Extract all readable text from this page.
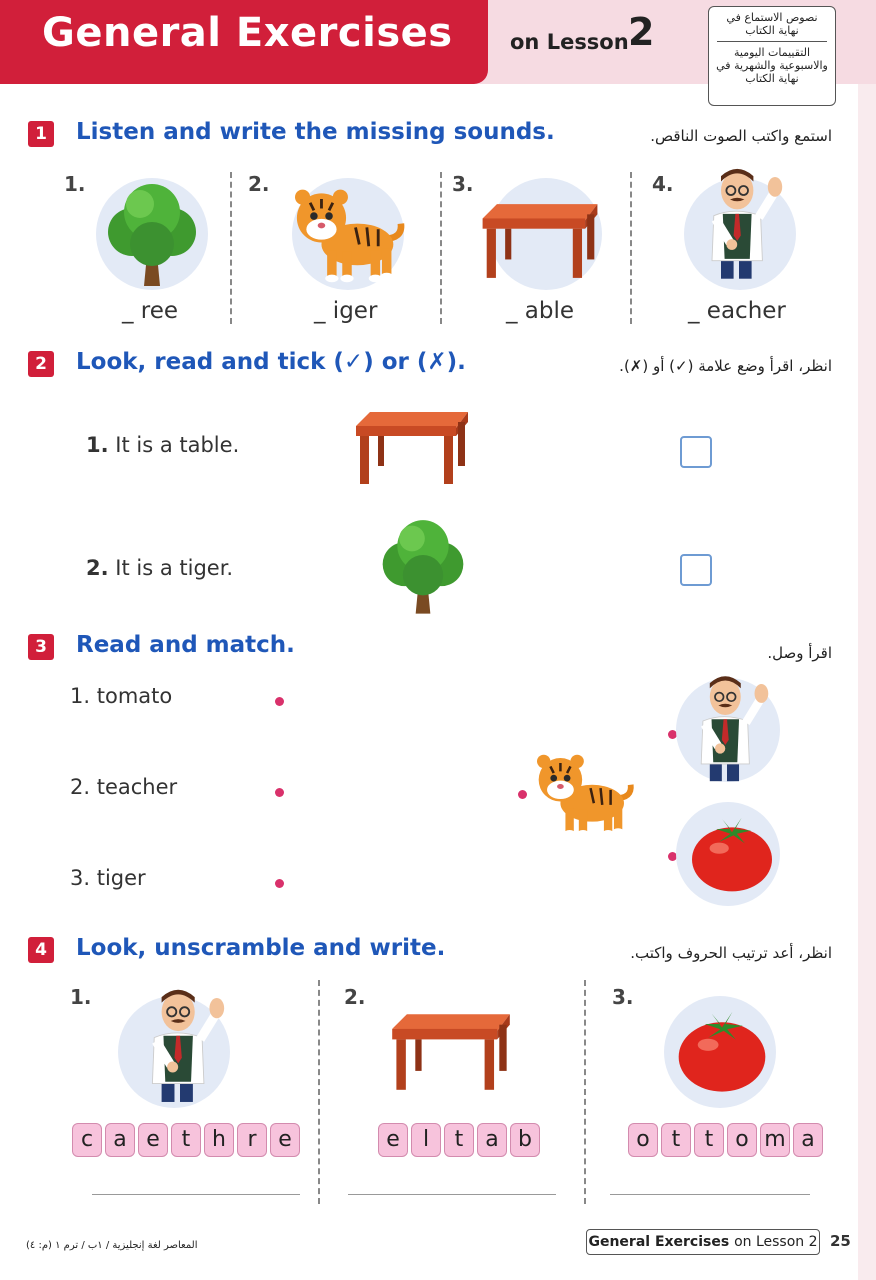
General Exercises	on Lesson 2	نصوص الاستماع في نهاية الكتاب
التقييمات اليومية والاسبوعية والشهرية في نهاية الكتاب
1	Listen and write the missing sounds.	استمع واكتب الصوت الناقص.
1.
_ ree
2.
_ iger
3.
_ able
4.
_ eacher
2	Look, read and tick (✓) or (✗).	انظر، اقرأ وضع علامة (✓) أو (✗).
1. It is a table.
2. It is a tiger.
3	Read and match.	اقرأ وصل.
1. tomato
2. teacher
3. tiger
4	Look, unscramble and write.	انظر، أعد ترتيب الحروف واكتب.
1.
c a e t h r e
2.
e l t a b
3.
o t t o m a
General Exercises on Lesson 2 25
المعاصر لغة إنجليزية / ١ب / ترم ١ (م: ٤)
